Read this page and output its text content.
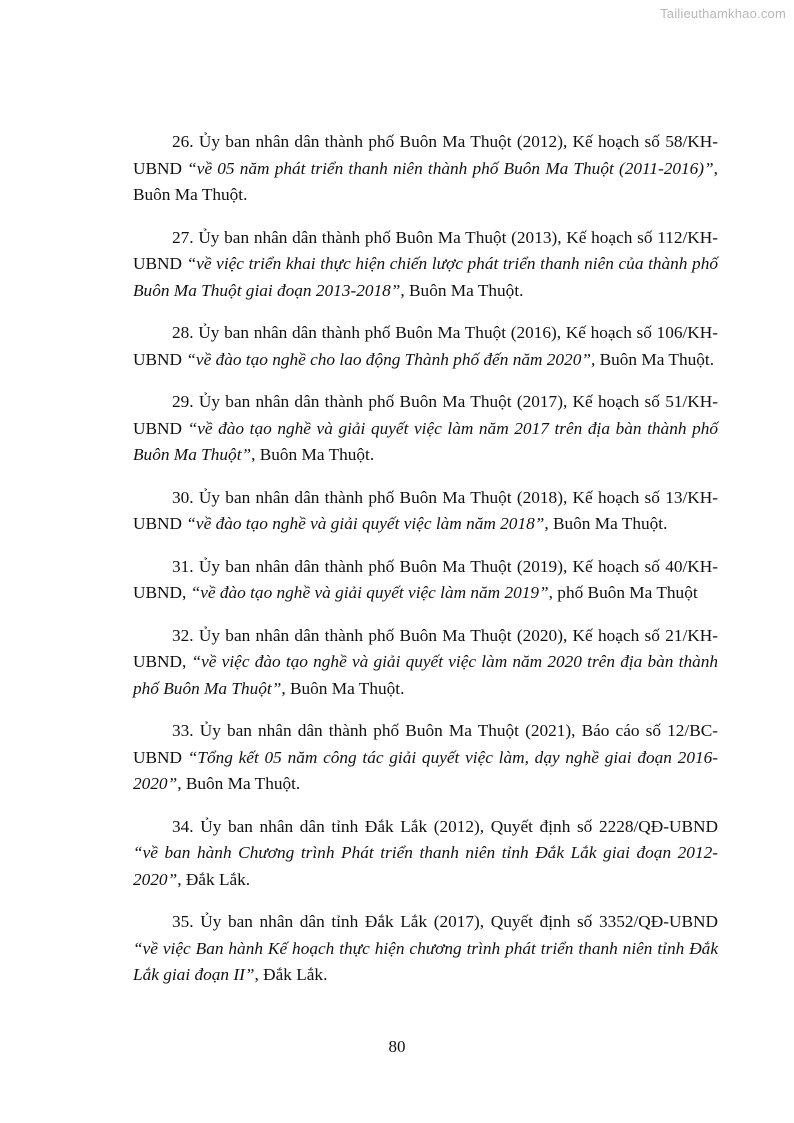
Tailieuthamkhao.com

26. Ủy ban nhân dân thành phố Buôn Ma Thuột (2012), Kế hoạch số 58/KH-UBND “về 05 năm phát triển thanh niên thành phố Buôn Ma Thuột (2011-2016)”, Buôn Ma Thuột.

27. Ủy ban nhân dân thành phố Buôn Ma Thuột (2013), Kế hoạch số 112/KH-UBND “về việc triển khai thực hiện chiến lược phát triển thanh niên của thành phố Buôn Ma Thuột giai đoạn 2013-2018”, Buôn Ma Thuột.

28. Ủy ban nhân dân thành phố Buôn Ma Thuột (2016), Kế hoạch số 106/KH-UBND “về đào tạo nghề cho lao động Thành phố đến năm 2020”, Buôn Ma Thuột.

29. Ủy ban nhân dân thành phố Buôn Ma Thuột (2017), Kế hoạch số 51/KH-UBND “về đào tạo nghề và giải quyết việc làm năm 2017 trên địa bàn thành phố Buôn Ma Thuột”, Buôn Ma Thuột.

30. Ủy ban nhân dân thành phố Buôn Ma Thuột (2018), Kế hoạch số 13/KH-UBND “về đào tạo nghề và giải quyết việc làm năm 2018”, Buôn Ma Thuột.

31. Ủy ban nhân dân thành phố Buôn Ma Thuột (2019), Kế hoạch số 40/KH-UBND, “về đào tạo nghề và giải quyết việc làm năm 2019”, phố Buôn Ma Thuột

32. Ủy ban nhân dân thành phố Buôn Ma Thuột (2020), Kế hoạch số 21/KH-UBND, “về việc đào tạo nghề và giải quyết việc làm năm 2020 trên địa bàn thành phố Buôn Ma Thuột”, Buôn Ma Thuột.

33. Ủy ban nhân dân thành phố Buôn Ma Thuột (2021), Báo cáo số 12/BC-UBND “Tổng kết 05 năm công tác giải quyết việc làm, dạy nghề giai đoạn 2016-2020”, Buôn Ma Thuột.

34. Ủy ban nhân dân tỉnh Đắk Lắk (2012), Quyết định số 2228/QĐ-UBND “về ban hành Chương trình Phát triển thanh niên tỉnh Đắk Lắk giai đoạn 2012-2020”, Đắk Lắk.

35. Ủy ban nhân dân tỉnh Đắk Lắk (2017), Quyết định số 3352/QĐ-UBND “về việc Ban hành Kế hoạch thực hiện chương trình phát triển thanh niên tỉnh Đắk Lắk giai đoạn II”, Đắk Lắk.

80
